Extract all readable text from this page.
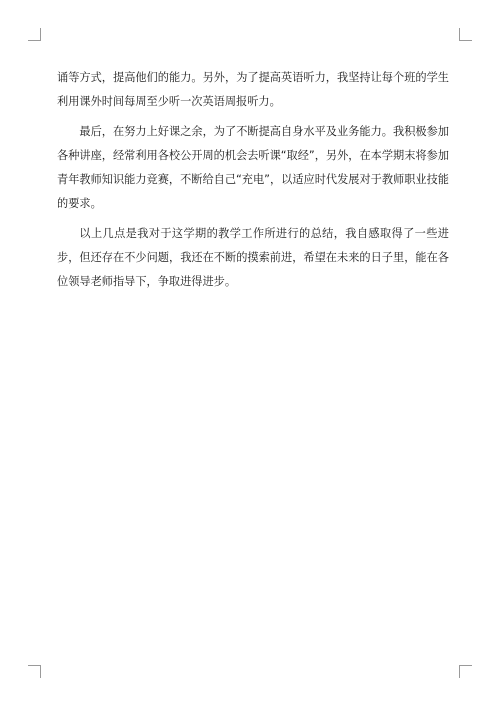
诵等方式，提高他们的能力。另外，为了提高英语听力，我坚持让每个班的学生利用课外时间每周至少听一次英语周报听力。

最后，在努力上好课之余，为了不断提高自身水平及业务能力。我积极参加各种讲座，经常利用各校公开周的机会去听课“取经”，另外，在本学期末将参加青年教师知识能力竞赛，不断给自己“充电”，以适应时代发展对于教师职业技能的要求。

以上几点是我对于这学期的教学工作所进行的总结，我自感取得了一些进步，但还存在不少问题，我还在不断的摸索前进，希望在未来的日子里，能在各位领导老师指导下，争取进得进步。
